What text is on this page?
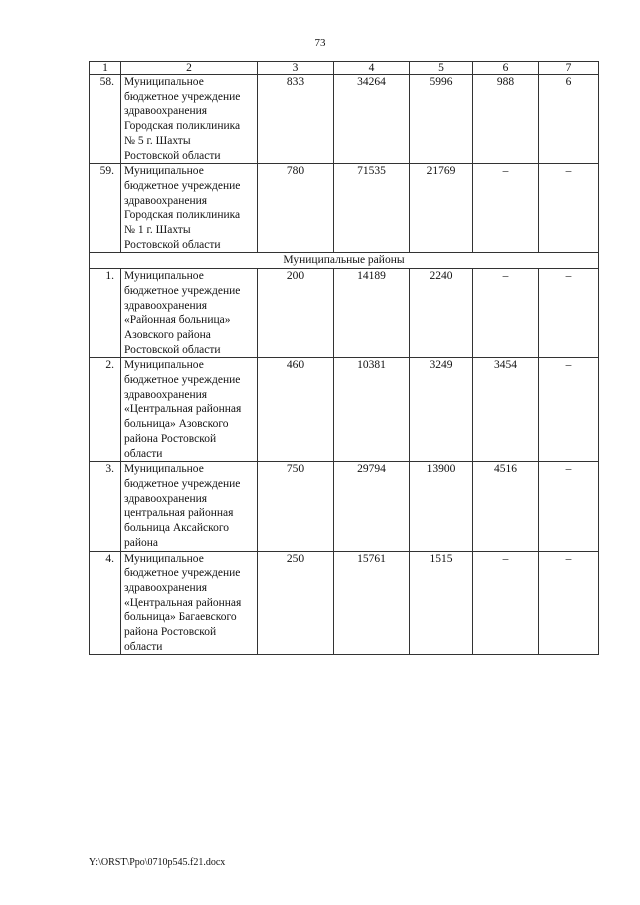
73
1	2	3	4	5	6	7
58.	Муниципальное бюджетное учреждение здравоохранения Городская поликлиника № 5 г. Шахты Ростовской области	833	34264	5996	988	6
59.	Муниципальное бюджетное учреждение здравоохранения Городская поликлиника № 1 г. Шахты Ростовской области	780	71535	21769	–	–
Муниципальные районы						
1.	Муниципальное бюджетное учреждение здравоохранения «Районная больница» Азовского района Ростовской области	200	14189	2240	–	–
2.	Муниципальное бюджетное учреждение здравоохранения «Центральная районная больница» Азовского района Ростовской области	460	10381	3249	3454	–
3.	Муниципальное бюджетное учреждение здравоохранения центральная районная больница Аксайского района	750	29794	13900	4516	–
4.	Муниципальное бюджетное учреждение здравоохранения «Центральная районная больница» Багаевского района Ростовской области	250	15761	1515	–	–
Y:\ORST\Ppo\0710p545.f21.docx
